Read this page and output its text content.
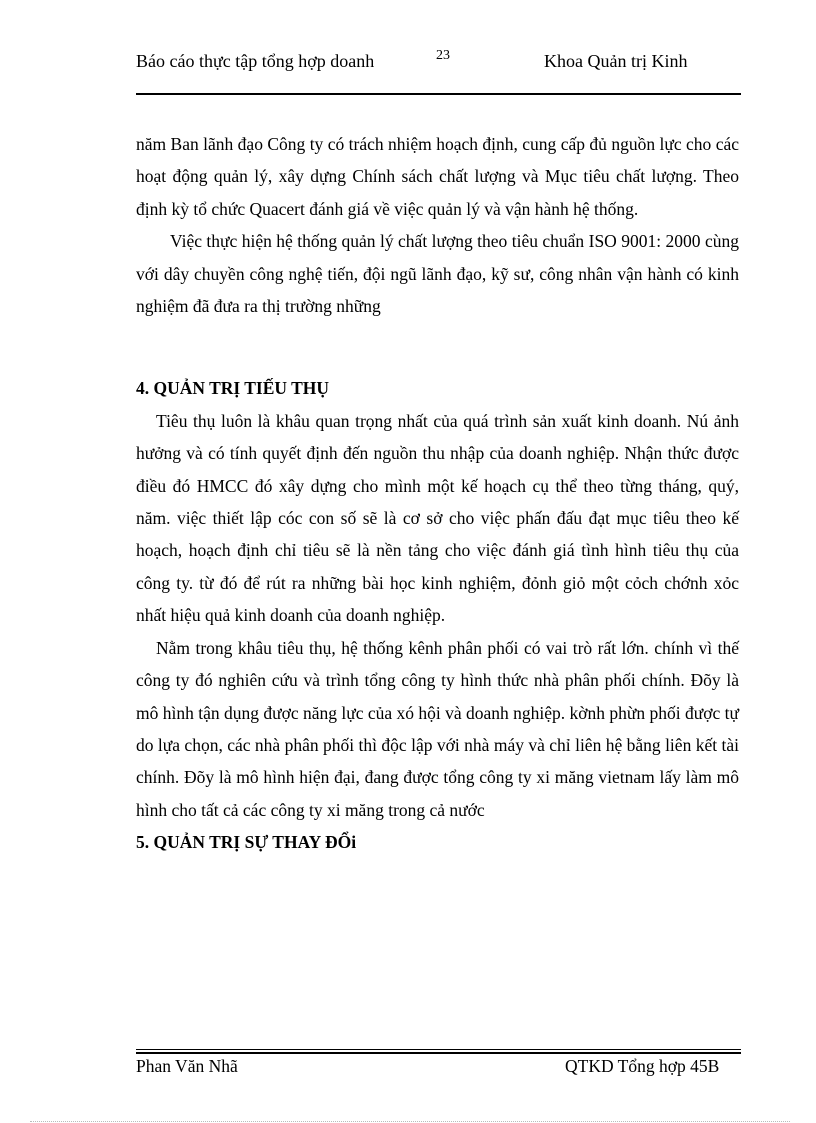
Báo cáo thực tập tổng hợp doanh	23	Khoa Quản trị Kinh

năm Ban lãnh đạo Công ty có trách nhiệm hoạch định, cung cấp đủ nguồn lực cho các hoạt động quản lý, xây dựng Chính sách chất lượng và Mục tiêu chất lượng. Theo định kỳ tổ chức Quacert đánh giá về việc quản lý và vận hành hệ thống.

Việc thực hiện hệ thống quản lý chất lượng theo tiêu chuẩn ISO 9001: 2000 cùng với dây chuyền công nghệ tiến, đội ngũ lãnh đạo, kỹ sư, công nhân vận hành có kinh nghiệm đã đưa ra thị trường những

4. QUẢN TRỊ TIẾU THỤ

Tiêu thụ luôn là khâu quan trọng nhất của quá trình sản xuất kinh doanh. Nú ảnh hưởng và có tính quyết định đến nguồn thu nhập của doanh nghiệp. Nhận thức được điều đó HMCC đó xây dựng cho mình một kế hoạch cụ thể theo từng tháng, quý, năm. việc thiết lập cóc con số sẽ là cơ sở cho việc phấn đấu đạt mục tiêu theo kế hoạch, hoạch định chỉ tiêu sẽ là nền tảng cho việc đánh giá tình hình tiêu thụ của công ty. từ đó để rút ra những bài học kinh nghiệm, đỏnh giỏ một cỏch chớnh xỏc nhất hiệu quả kinh doanh của doanh nghiệp.

Nằm trong khâu tiêu thụ, hệ thống kênh phân phối có vai trò rất lớn. chính vì thế công ty đó nghiên cứu và trình tổng công ty hình thức nhà phân phối chính. Đõy là mô hình tận dụng được năng lực của xó hội và doanh nghiệp. kờnh phừn phối được tự do lựa chọn, các nhà phân phối thì độc lập với nhà máy và chỉ liên hệ bằng liên kết tài chính. Đõy là mô hình hiện đại, đang được tổng công ty xi măng vietnam lấy làm mô hình cho tất cả các công ty xi măng trong cả nước

5. QUẢN TRỊ SỰ THAY ĐỔi

Phan Văn Nhã	QTKD Tổng hợp 45B
